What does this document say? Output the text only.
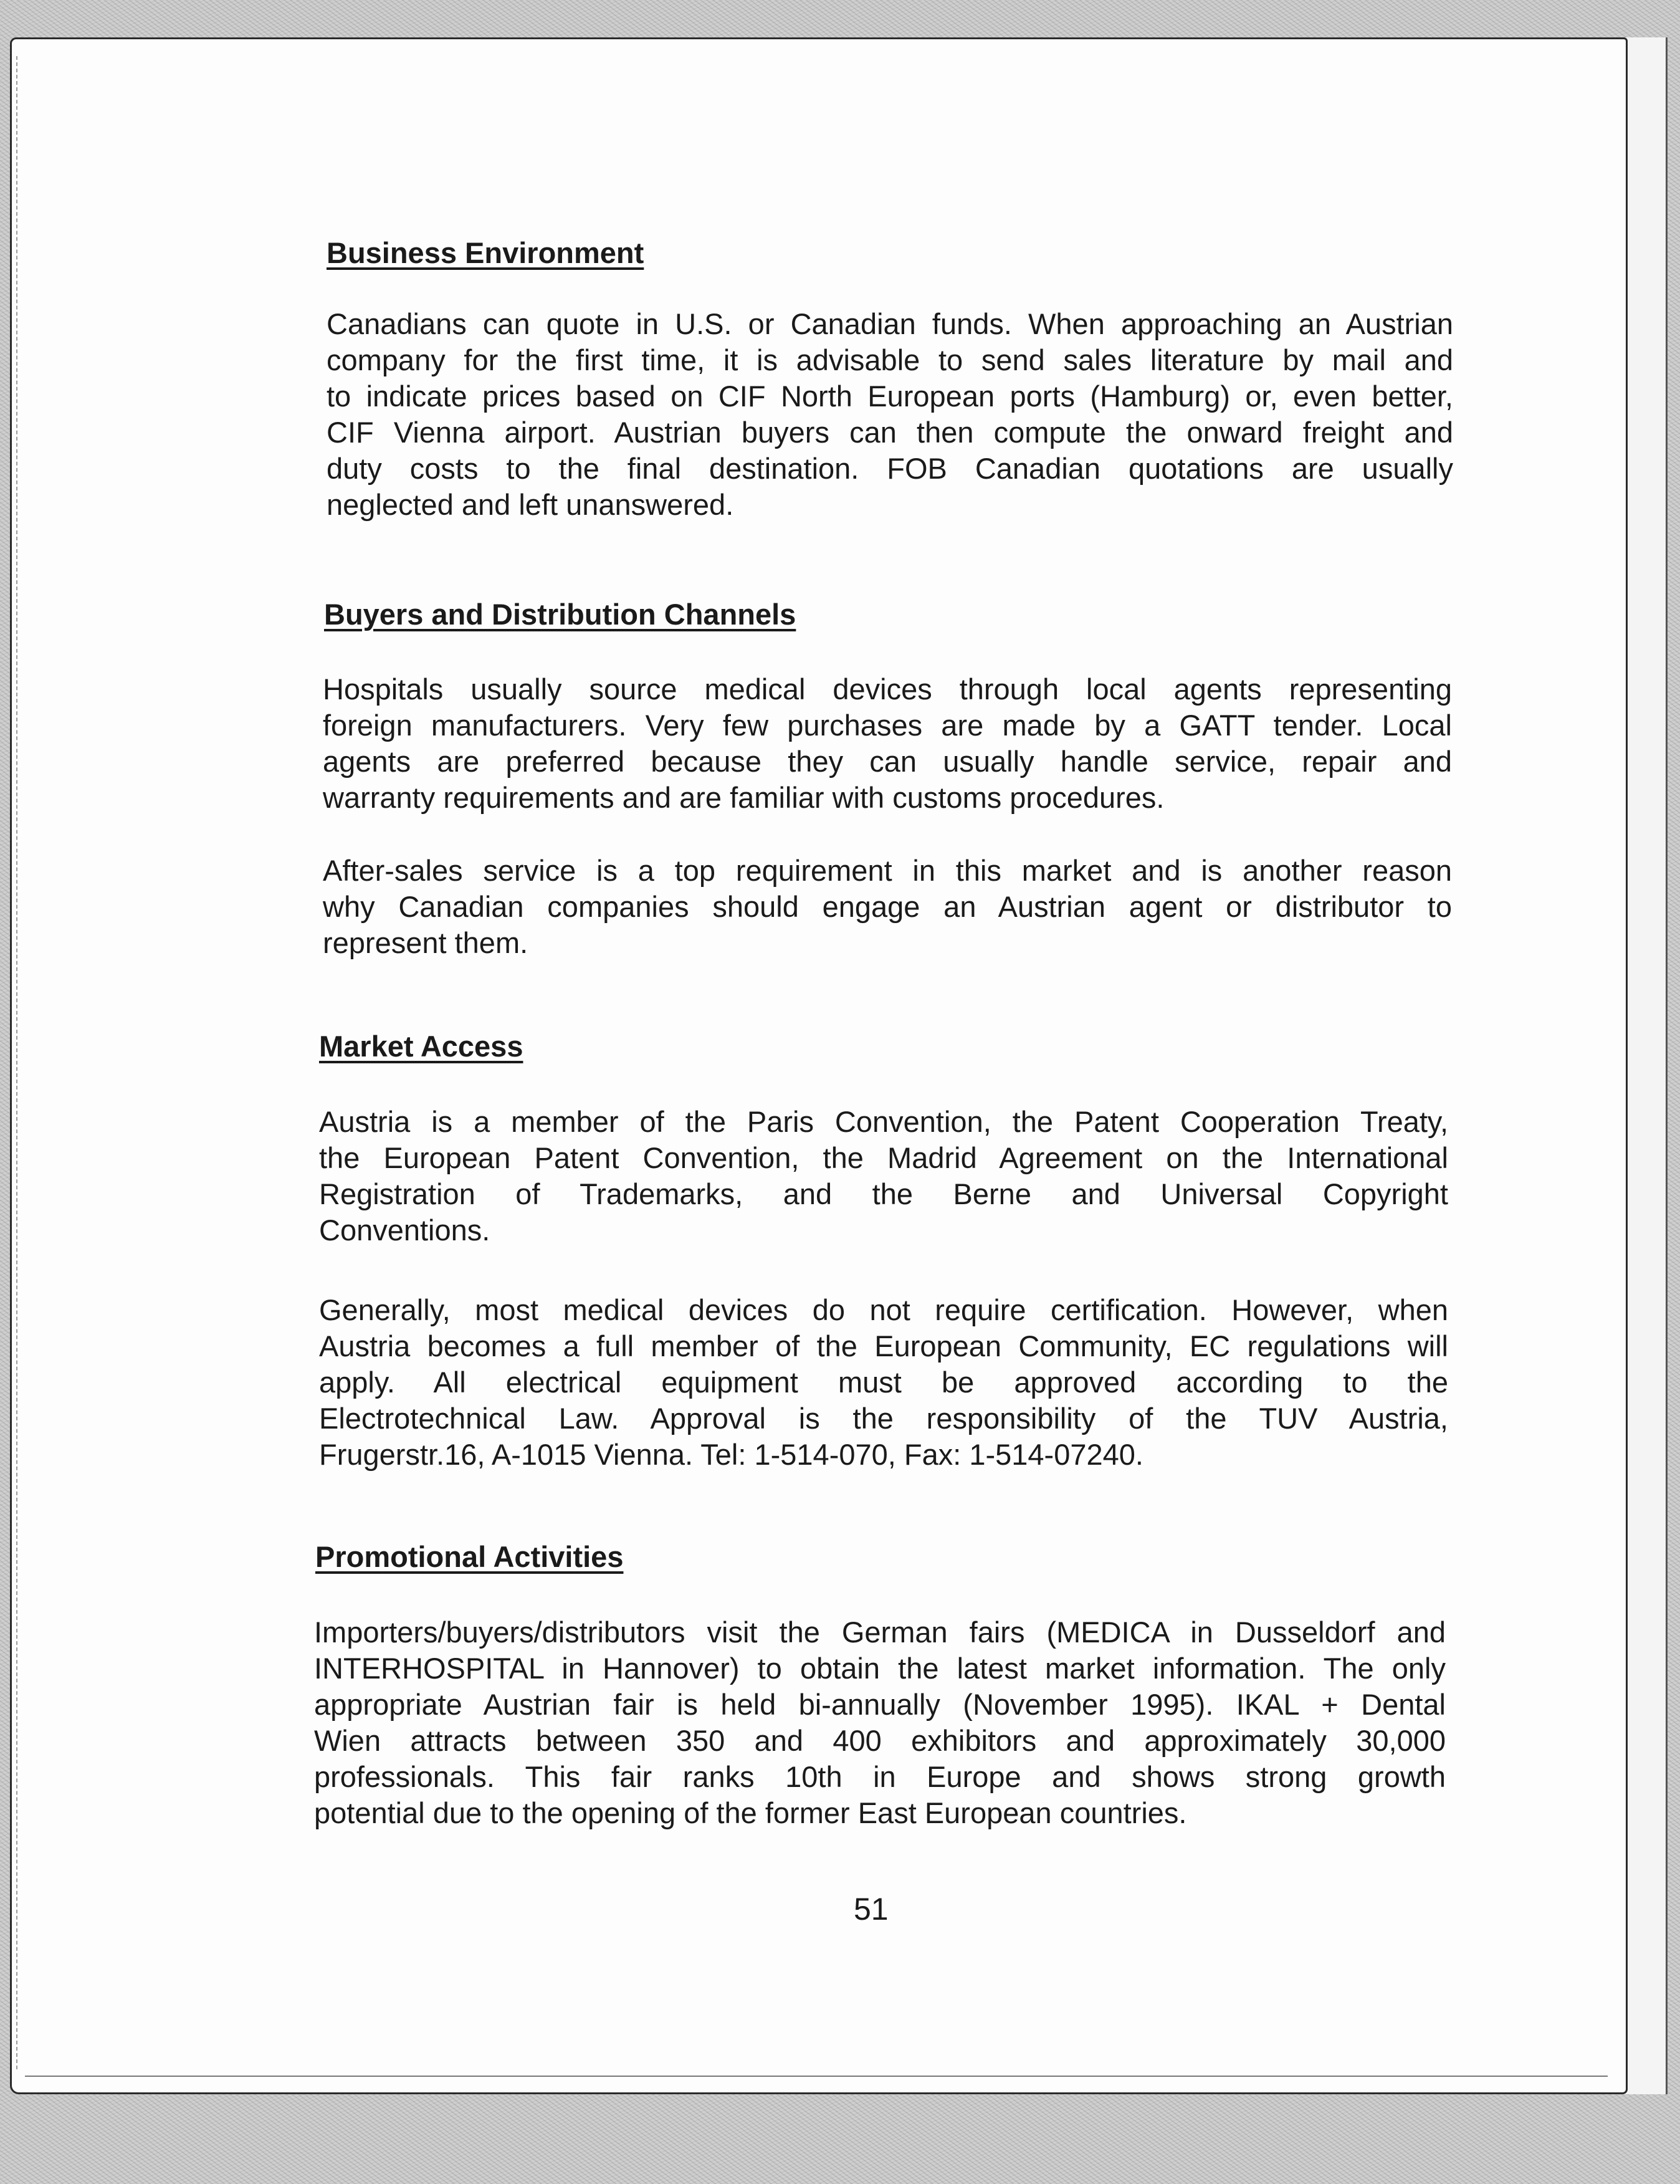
Business Environment
Canadians can quote in U.S. or Canadian funds. When approaching an Austrian
company for the first time, it is advisable to send sales literature by mail and
to indicate prices based on CIF North European ports (Hamburg) or, even better,
CIF Vienna airport. Austrian buyers can then compute the onward freight and
duty costs to the final destination. FOB Canadian quotations are usually
neglected and left unanswered.
Buyers and Distribution Channels
Hospitals usually source medical devices through local agents representing
foreign manufacturers. Very few purchases are made by a GATT tender. Local
agents are preferred because they can usually handle service, repair and
warranty requirements and are familiar with customs procedures.
After-sales service is a top requirement in this market and is another reason
why Canadian companies should engage an Austrian agent or distributor to
represent them.
Market Access
Austria is a member of the Paris Convention, the Patent Cooperation Treaty,
the European Patent Convention, the Madrid Agreement on the International
Registration of Trademarks, and the Berne and Universal Copyright
Conventions.
Generally, most medical devices do not require certification. However, when
Austria becomes a full member of the European Community, EC regulations will
apply. All electrical equipment must be approved according to the
Electrotechnical Law. Approval is the responsibility of the TUV Austria,
Frugerstr.16, A-1015 Vienna. Tel: 1-514-070, Fax: 1-514-07240.
Promotional Activities
Importers/buyers/distributors visit the German fairs (MEDICA in Dusseldorf and
INTERHOSPITAL in Hannover) to obtain the latest market information. The only
appropriate Austrian fair is held bi-annually (November 1995). IKAL + Dental
Wien attracts between 350 and 400 exhibitors and approximately 30,000
professionals. This fair ranks 10th in Europe and shows strong growth
potential due to the opening of the former East European countries.
51
